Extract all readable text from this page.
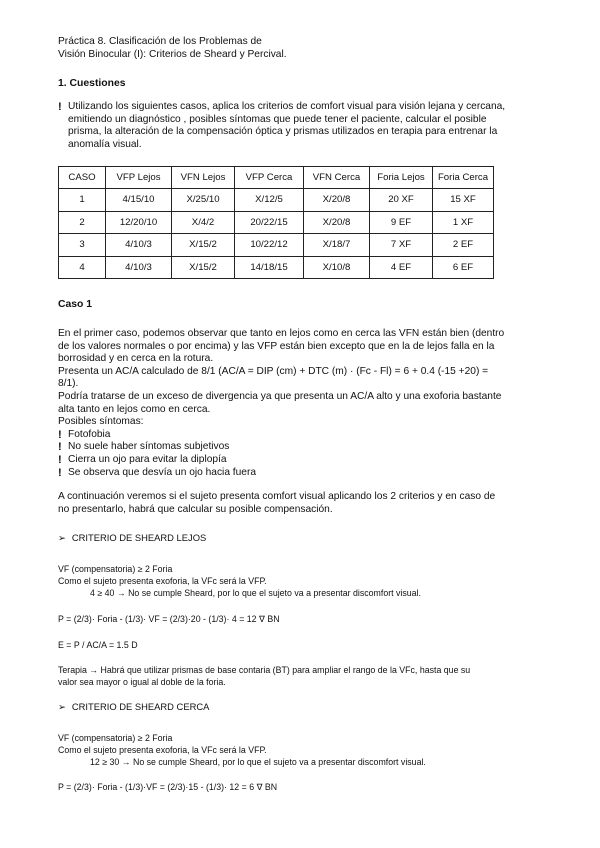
Práctica 8. Clasificación de los Problemas de

Visión Binocular (I): Criterios de Sheard y Percival.

1. Cuestiones

! Utilizando los siguientes casos, aplica los criterios de comfort visual para visión lejana y cercana,

emitiendo un diagnóstico , posibles síntomas que puede tener el paciente, calcular el posible

prisma, la alteración de la compensación óptica y prismas utilizados en terapia para entrenar la

anomalía visual.

CASO	VFP Lejos	VFN Lejos	VFP Cerca	VFN Cerca	Foria Lejos	Foria Cerca
1	4/15/10	X/25/10	X/12/5	X/20/8	20 XF	15 XF
2	12/20/10	X/4/2	20/22/15	X/20/8	9 EF	1 XF
3	4/10/3	X/15/2	10/22/12	X/18/7	7 XF	2 EF
4	4/10/3	X/15/2	14/18/15	X/10/8	4 EF	6 EF

Caso 1

En el primer caso, podemos observar que tanto en lejos como en cerca las VFN están bien (dentro

de los valores normales o por encima) y las VFP están bien excepto que en la de lejos falla en la

borrosidad y en cerca en la rotura.

Presenta un AC/A calculado de 8/1 (AC/A = DIP (cm) + DTC (m) · (Fc - Fl) = 6 + 0.4 (-15 +20) =

8/1).

Podría tratarse de un exceso de divergencia ya que presenta un AC/A alto y una exoforia bastante

alta tanto en lejos como en cerca.

Posibles síntomas:

! Fotofobia
! No suele haber síntomas subjetivos
! Cierra un ojo para evitar la diplopía
! Se observa que desvía un ojo hacia fuera

A continuación veremos si el sujeto presenta comfort visual aplicando los 2 criterios y en caso de

no presentarlo, habrá que calcular su posible compensación.

➢ CRITERIO DE SHEARD LEJOS

VF (compensatoria) ≥ 2 Foria

Como el sujeto presenta exoforia, la VFc será la VFP.

4 ≥ 40 → No se cumple Sheard, por lo que el sujeto va a presentar discomfort visual.

P = (2/3)· Foria - (1/3)· VF = (2/3)·20 - (1/3)· 4 = 12 ∇ BN

E = P / AC/A = 1.5 D

Terapia → Habrá que utilizar prismas de base contaria (BT) para ampliar el rango de la VFc, hasta que su

valor sea mayor o igual al doble de la foria.

➢ CRITERIO DE SHEARD CERCA

VF (compensatoria) ≥ 2 Foria

Como el sujeto presenta exoforia, la VFc será la VFP.

12 ≥ 30 → No se cumple Sheard, por lo que el sujeto va a presentar discomfort visual.

P = (2/3)· Foria - (1/3)·VF = (2/3)·15 - (1/3)· 12 = 6 ∇ BN
